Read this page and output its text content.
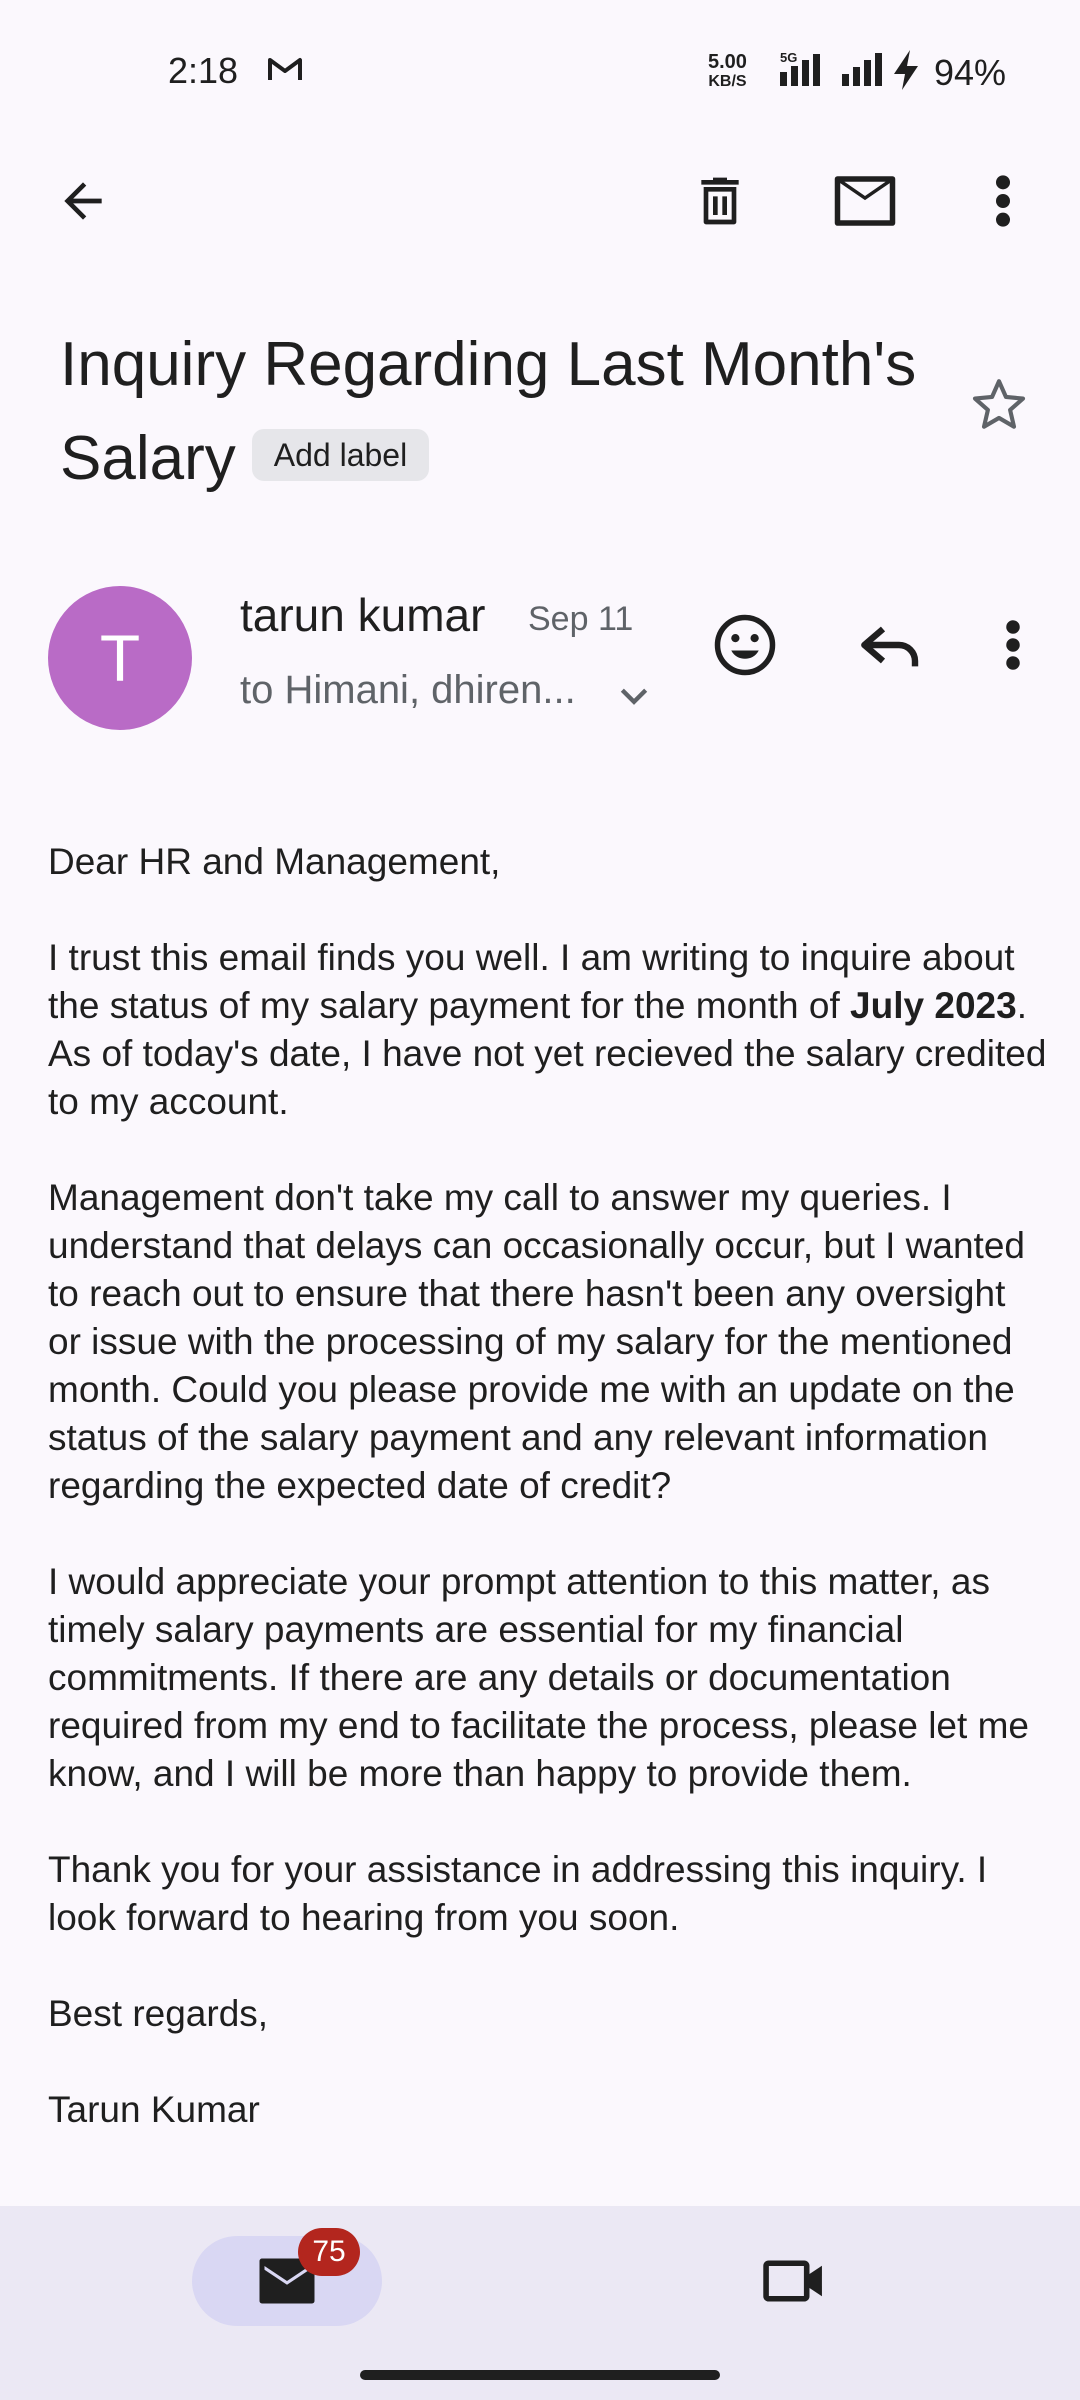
2:18	5.00
KB/S
5G	94%
Inquiry Regarding Last Month's Salary Add label
T
tarun kumar Sep 11
to Himani, dhiren...

Dear HR and Management,

I trust this email finds you well. I am writing to inquire about the status of my salary payment for the month of July 2023. As of today's date, I have not yet recieved the salary credited to my account.

Management don't take my call to answer my queries. I understand that delays can occasionally occur, but I wanted to reach out to ensure that there hasn't been any oversight or issue with the processing of my salary for the mentioned month. Could you please provide me with an update on the status of the salary payment and any relevant information regarding the expected date of credit?

I would appreciate your prompt attention to this matter, as timely salary payments are essential for my financial commitments. If there are any details or documentation required from my end to facilitate the process, please let me know, and I will be more than happy to provide them.

Thank you for your assistance in addressing this inquiry. I look forward to hearing from you soon.

Best regards,

Tarun Kumar

75
